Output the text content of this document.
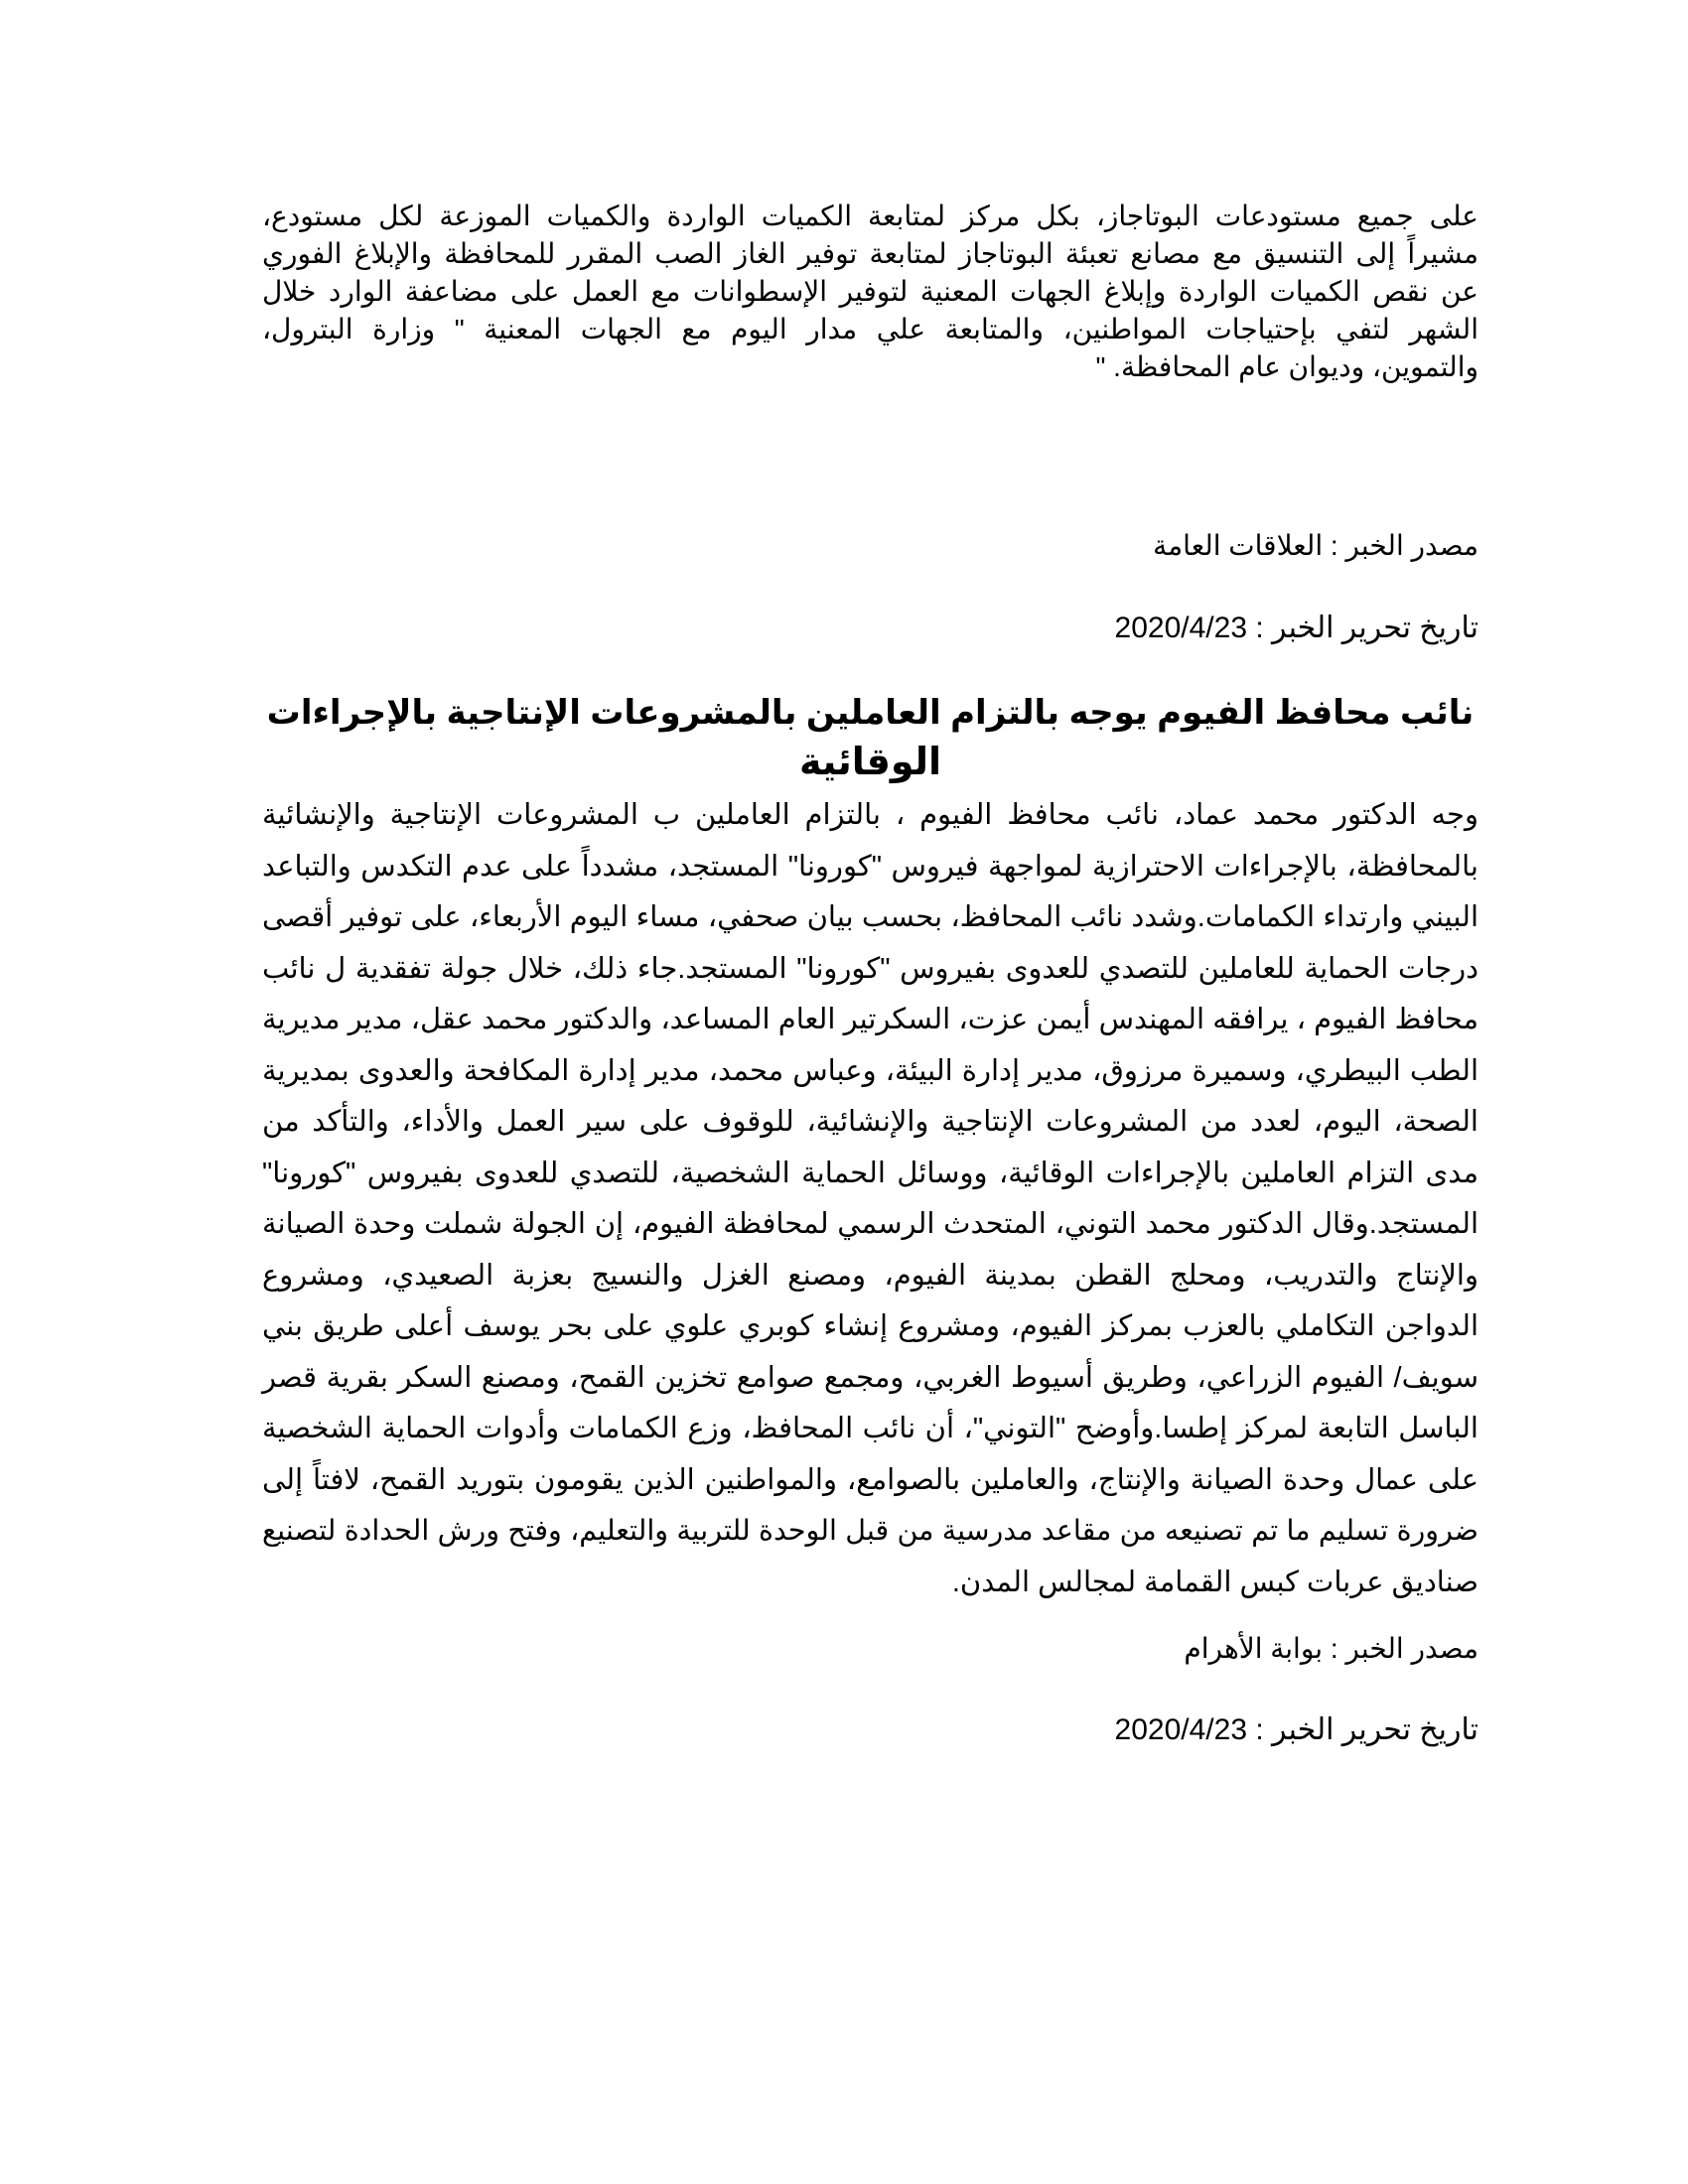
على جميع مستودعات البوتاجاز، بكل مركز لمتابعة الكميات الواردة والكميات الموزعة لكل مستودع،
مشيراً إلى التنسيق مع مصانع تعبئة البوتاجاز لمتابعة توفير الغاز الصب المقرر للمحافظة والإبلاغ الفوري
عن نقص الكميات الواردة وإبلاغ الجهات المعنية لتوفير الإسطوانات مع العمل على مضاعفة الوارد خلال
الشهر لتفي بإحتياجات المواطنين، والمتابعة علي مدار اليوم مع الجهات المعنية " وزارة البترول،
والتموين، وديوان عام المحافظة. "
مصدر الخبر : العلاقات العامة
تاريخ تحرير الخبر : 2020/4/23
نائب محافظ الفيوم يوجه بالتزام العاملين بالمشروعات الإنتاجية بالإجراءات
الوقائية
وجه الدكتور محمد عماد، نائب محافظ الفيوم ، بالتزام العاملين ب المشروعات الإنتاجية والإنشائية
بالمحافظة، بالإجراءات الاحترازية لمواجهة فيروس "كورونا" المستجد، مشدداً على عدم التكدس والتباعد
البيني وارتداء الكمامات.وشدد نائب المحافظ، بحسب بيان صحفي، مساء اليوم الأربعاء، على توفير أقصى
درجات الحماية للعاملين للتصدي للعدوى بفيروس "كورونا" المستجد.جاء ذلك، خلال جولة تفقدية ل نائب
محافظ الفيوم ، يرافقه المهندس أيمن عزت، السكرتير العام المساعد، والدكتور محمد عقل، مدير مديرية
الطب البيطري، وسميرة مرزوق، مدير إدارة البيئة، وعباس محمد، مدير إدارة المكافحة والعدوى بمديرية
الصحة، اليوم، لعدد من المشروعات الإنتاجية والإنشائية، للوقوف على سير العمل والأداء، والتأكد من
مدى التزام العاملين بالإجراءات الوقائية، ووسائل الحماية الشخصية، للتصدي للعدوى بفيروس "كورونا"
المستجد.وقال الدكتور محمد التوني، المتحدث الرسمي لمحافظة الفيوم، إن الجولة شملت وحدة الصيانة
والإنتاج والتدريب، ومحلج القطن بمدينة الفيوم، ومصنع الغزل والنسيج بعزبة الصعيدي، ومشروع
الدواجن التكاملي بالعزب بمركز الفيوم، ومشروع إنشاء كوبري علوي على بحر يوسف أعلى طريق بني
سويف/ الفيوم الزراعي، وطريق أسيوط الغربي، ومجمع صوامع تخزين القمح، ومصنع السكر بقرية قصر
الباسل التابعة لمركز إطسا.وأوضح "التوني"، أن نائب المحافظ، وزع الكمامات وأدوات الحماية الشخصية
على عمال وحدة الصيانة والإنتاج، والعاملين بالصوامع، والمواطنين الذين يقومون بتوريد القمح، لافتاً إلى
ضرورة تسليم ما تم تصنيعه من مقاعد مدرسية من قبل الوحدة للتربية والتعليم، وفتح ورش الحدادة لتصنيع
صناديق عربات كبس القمامة لمجالس المدن.
مصدر الخبر : بوابة الأهرام
تاريخ تحرير الخبر : 2020/4/23
